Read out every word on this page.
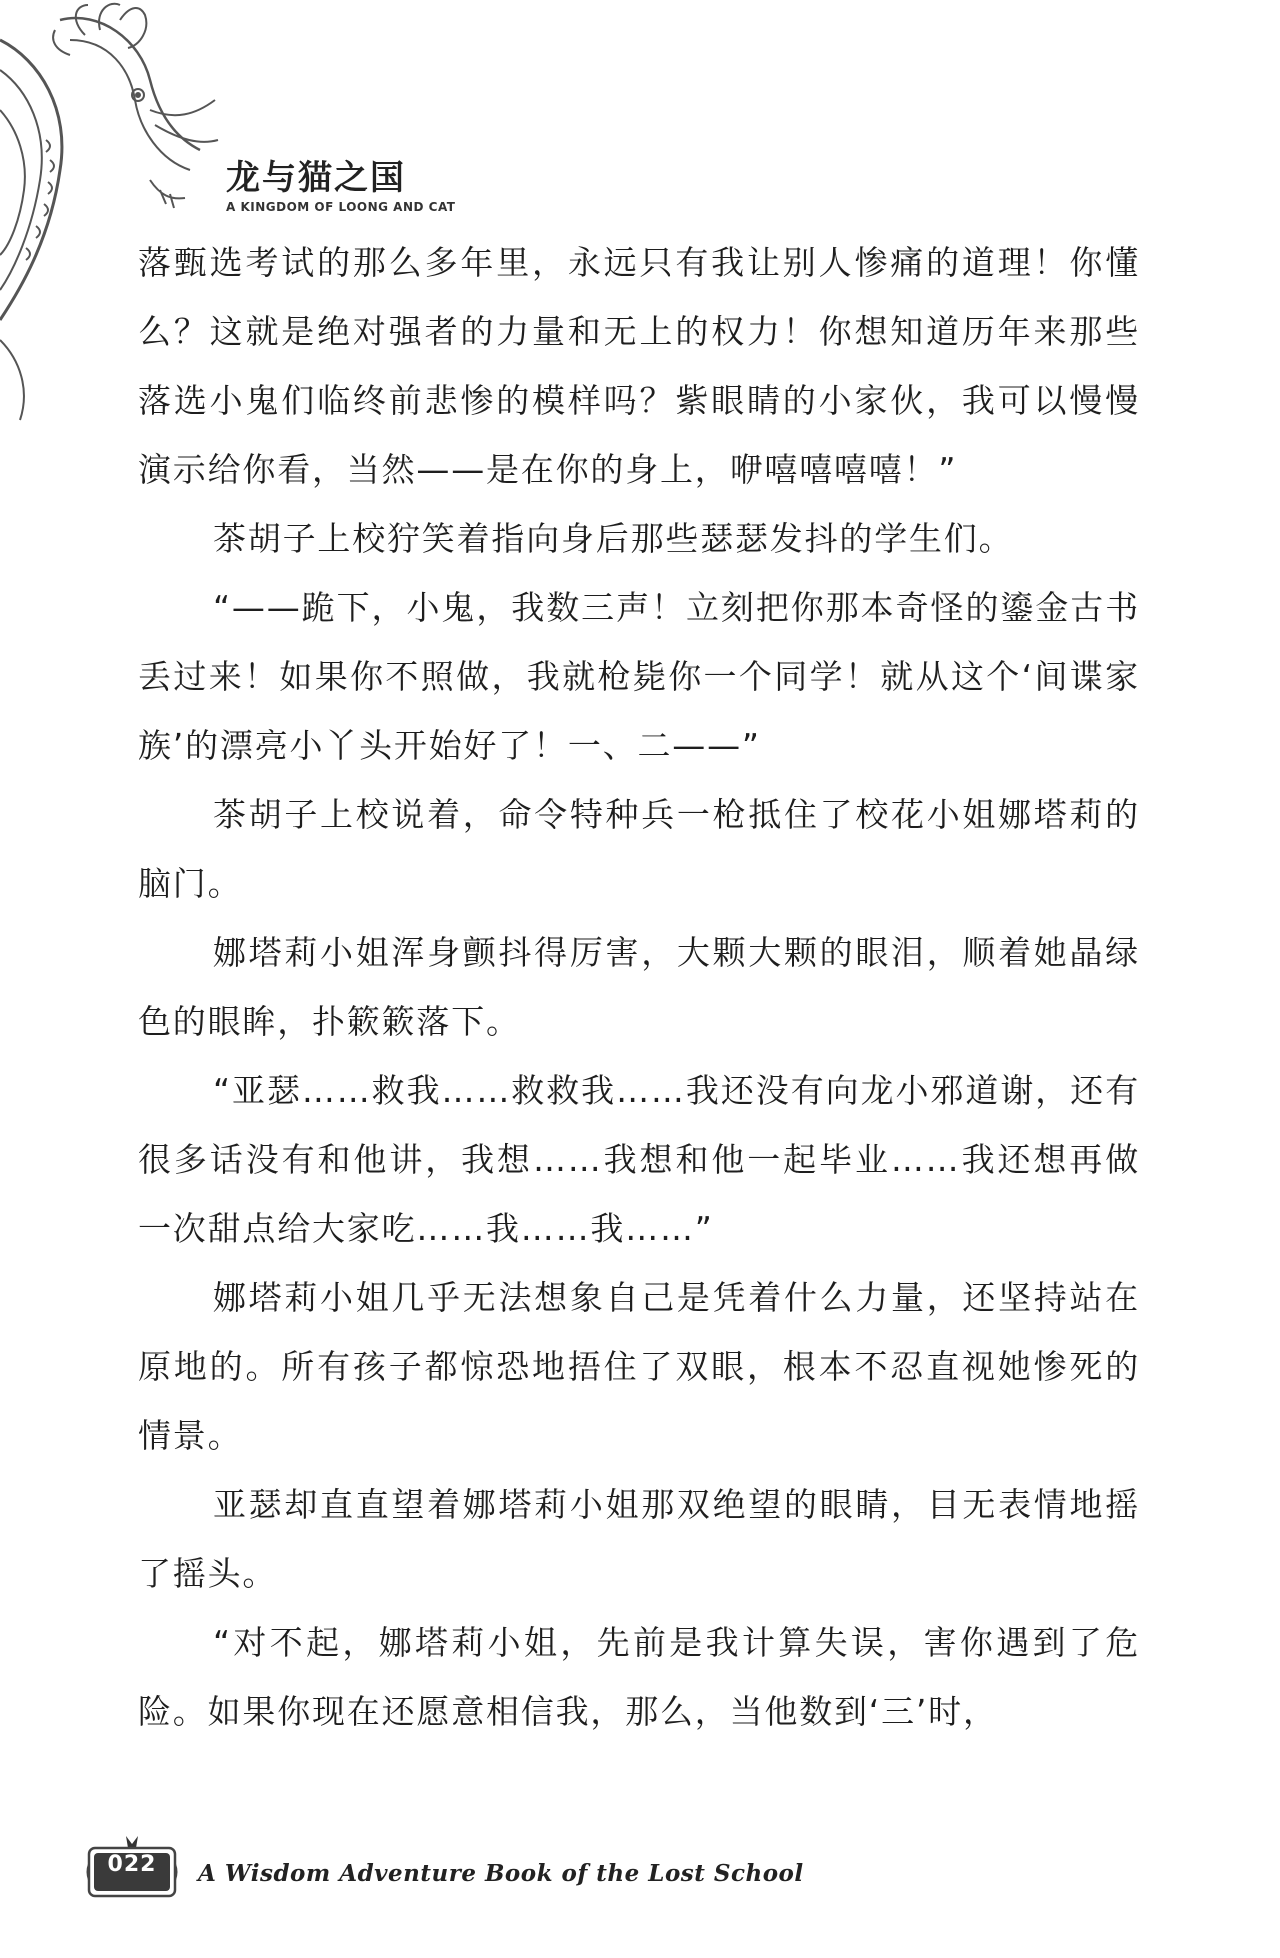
龙与猫之国
A KINGDOM OF LOONG AND CAT

落甄选考试的那么多年里，永远只有我让别人惨痛的道理！你懂么？这就是绝对强者的力量和无上的权力！你想知道历年来那些落选小鬼们临终前悲惨的模样吗？紫眼睛的小家伙，我可以慢慢演示给你看，当然——是在你的身上，咿嘻嘻嘻嘻！”

茶胡子上校狞笑着指向身后那些瑟瑟发抖的学生们。

“——跪下，小鬼，我数三声！立刻把你那本奇怪的鎏金古书丢过来！如果你不照做，我就枪毙你一个同学！就从这个‘间谍家族’的漂亮小丫头开始好了！一、二——”

茶胡子上校说着，命令特种兵一枪抵住了校花小姐娜塔莉的脑门。

娜塔莉小姐浑身颤抖得厉害，大颗大颗的眼泪，顺着她晶绿色的眼眸，扑簌簌落下。

“亚瑟……救我……救救我……我还没有向龙小邪道谢，还有很多话没有和他讲，我想……我想和他一起毕业……我还想再做一次甜点给大家吃……我……我……”

娜塔莉小姐几乎无法想象自己是凭着什么力量，还坚持站在原地的。所有孩子都惊恐地捂住了双眼，根本不忍直视她惨死的情景。

亚瑟却直直望着娜塔莉小姐那双绝望的眼睛，目无表情地摇了摇头。

“对不起，娜塔莉小姐，先前是我计算失误，害你遇到了危险。如果你现在还愿意相信我，那么，当他数到‘三’时，

022	A Wisdom Adventure Book of the Lost School
